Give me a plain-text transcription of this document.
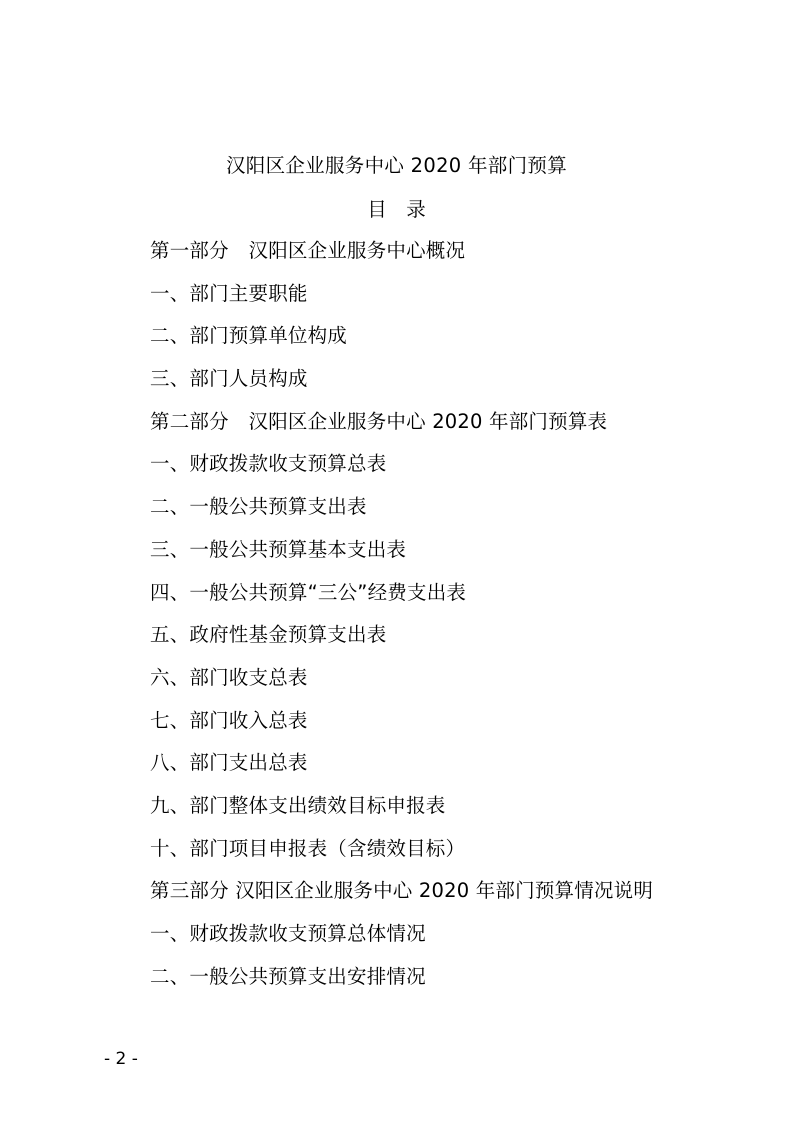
汉阳区企业服务中心 2020 年部门预算
目　录
第一部分　汉阳区企业服务中心概况
一、部门主要职能
二、部门预算单位构成
三、部门人员构成
第二部分　汉阳区企业服务中心 2020 年部门预算表
一、财政拨款收支预算总表
二、一般公共预算支出表
三、一般公共预算基本支出表
四、一般公共预算“三公”经费支出表
五、政府性基金预算支出表
六、部门收支总表
七、部门收入总表
八、部门支出总表
九、部门整体支出绩效目标申报表
十、部门项目申报表（含绩效目标）
第三部分 汉阳区企业服务中心 2020 年部门预算情况说明
一、财政拨款收支预算总体情况
二、一般公共预算支出安排情况
- 2 -
